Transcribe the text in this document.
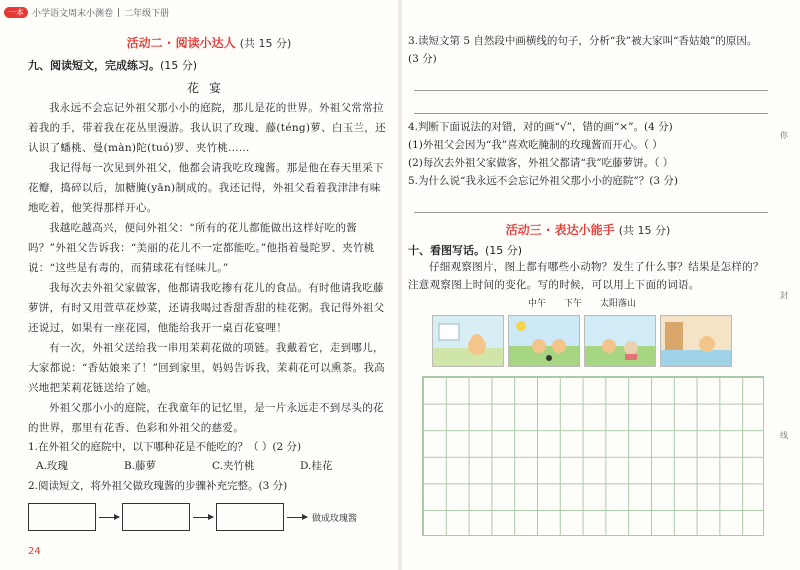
一本 小学语文周末小测卷 | 二年级下册
活动二 · 阅读小达人 (共 15 分)
九、阅读短文，完成练习。(15 分)
花宴

我永远不会忘记外祖父那小小的庭院，那儿是花的世界。外祖父常常拉着我的手，带着我在花丛里漫游。我认识了玫瑰、藤(téng)萝、白玉兰，还认识了蟠桃、曼(màn)陀(tuó)罗、夹竹桃……

我记得每一次见到外祖父，他都会请我吃玫瑰酱。那是他在春天里采下花瓣，捣碎以后，加糖腌(yān)制成的。我还记得，外祖父看着我津津有味地吃着，他笑得那样开心。

我越吃越高兴，便问外祖父：“所有的花儿都能做出这样好吃的酱吗？”外祖父告诉我：“美丽的花儿不一定都能吃。”他指着曼陀罗、夹竹桃说：“这些是有毒的，而猜球花有怪味儿。”

我每次去外祖父家做客，他都请我吃掺有花儿的食品。有时他请我吃藤萝饼，有时又用萱草花炒菜，还请我喝过香甜香甜的桂花粥。我记得外祖父还说过，如果有一座花园，他能给我开一桌百花宴哩！

有一次，外祖父送给我一串用茉莉花做的项链。我戴着它，走到哪儿，大家都说：“香姑娘来了！”回到家里，妈妈告诉我，茉莉花可以熏茶。我高兴地把茉莉花链送给了她。

外祖父那小小的庭院，在我童年的记忆里，是一片永远走不到尽头的花的世界，那里有花香、色彩和外祖父的慈爱。

1.在外祖父的庭院中，以下哪种花是不能吃的？（ ）(2 分)

A.玫瑰	B.藤萝	C.夹竹桃	D.桂花

2.阅读短文，将外祖父做玫瑰酱的步骤补充完整。(3 分)

做成玫瑰酱
24

3.读短文第 5 自然段中画横线的句子，分析“我”被大家叫“香姑娘”的原因。(3 分)

4.判断下面说法的对错，对的画“√”，错的画“×”。(4 分)

(1)外祖父会因为“我”喜欢吃腌制的玫瑰酱而开心。（ ）

(2)每次去外祖父家做客，外祖父都请“我”吃藤萝饼。（ ）

5.为什么说“我永远不会忘记外祖父那小小的庭院”？(3 分)

活动三 · 表达小能手 (共 15 分)
十、看图写话。(15 分)

仔细观察图片，图上都有哪些小动物？发生了什么事？结果是怎样的？注意观察图上时间的变化。写的时候，可以用上下面的词语。

中午 下午 太阳落山
你
封
线
